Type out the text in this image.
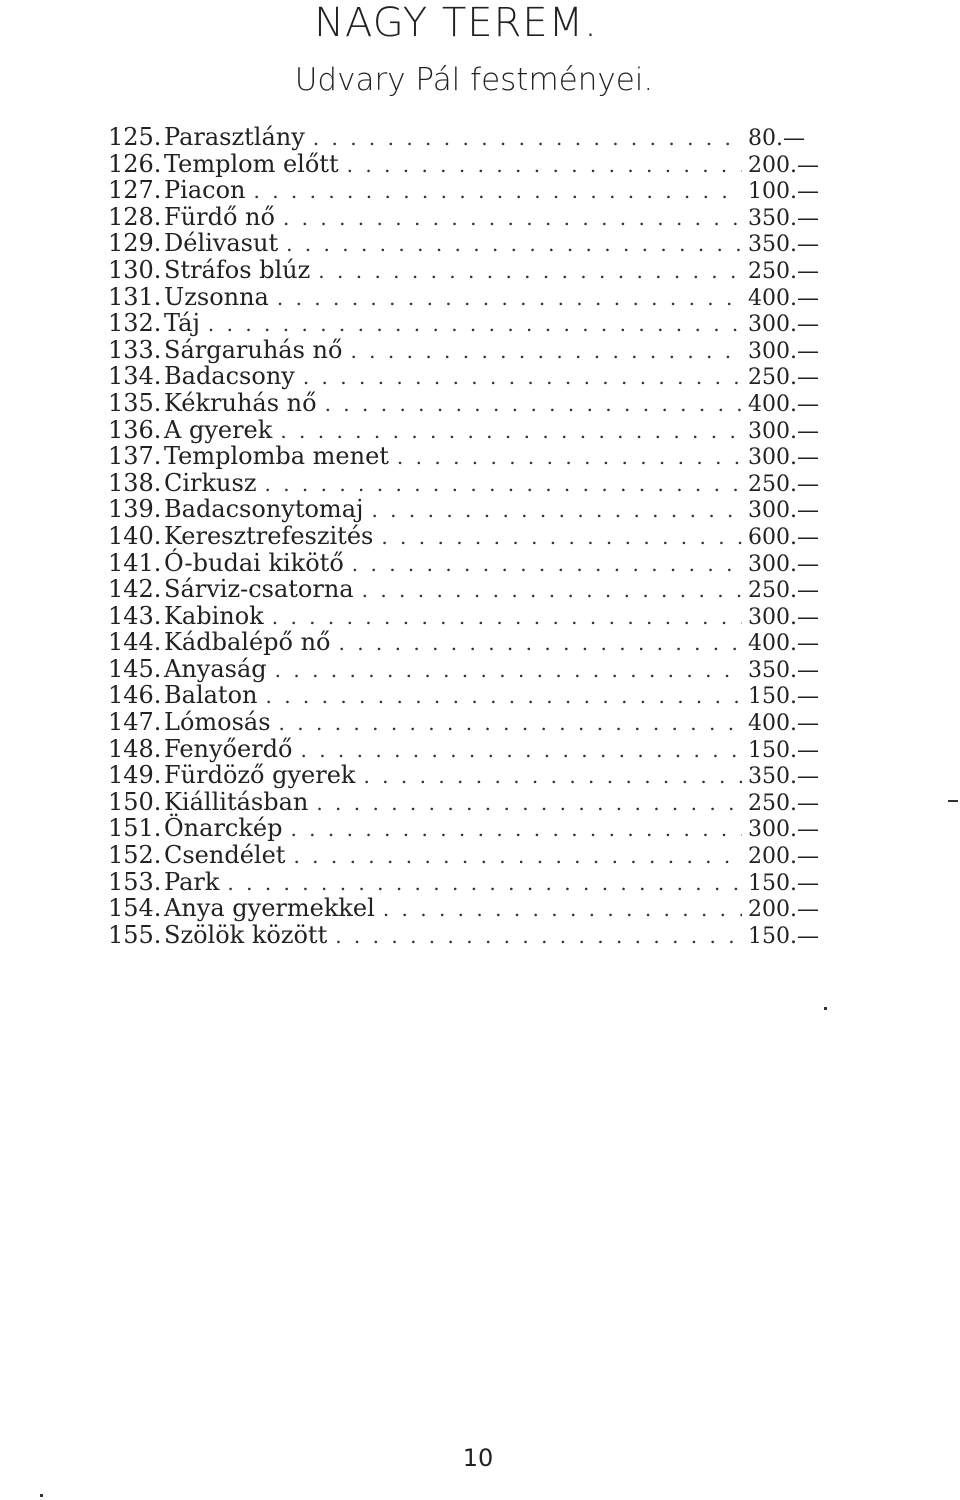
NAGY TEREM.
Udvary Pál festményei.
125. Parasztlány . . .	80.—
126. Templom előtt . . .	200.—
127. Piacon . . .	100.—
128. Fürdő nő . . .	350.—
129. Délivasut . . .	350.—
130. Stráfos blúz . . .	250.—
131. Uzsonna . . .	400.—
132. Táj . . .	300.—
133. Sárgaruhás nő . . .	300.—
134. Badacsony . . .	250.—
135. Kékruhás nő . . .	400.—
136. A gyerek . . .	300.—
137. Templomba menet . . .	300.—
138. Cirkusz . . .	250.—
139. Badacsonytomaj . . .	300.—
140. Keresztrefeszités . . .	600.—
141. Ó-budai kikötő . . .	300.—
142. Sárviz-csatorna . . .	250.—
143. Kabinok . . .	300.—
144. Kádbalépő nő . . .	400.—
145. Anyaság . . .	350.—
146. Balaton . . .	150.—
147. Lómosás . . .	400.—
148. Fenyőerdő . . .	150.—
149. Fürdöző gyerek . . .	350.—
150. Kiállitásban . . .	250.—
151. Önarckép . . .	300.—
152. Csendélet . . .	200.—
153. Park . . .	150.—
154. Anya gyermekkel . . .	200.—
155. Szölök között . . .	150.—
10
